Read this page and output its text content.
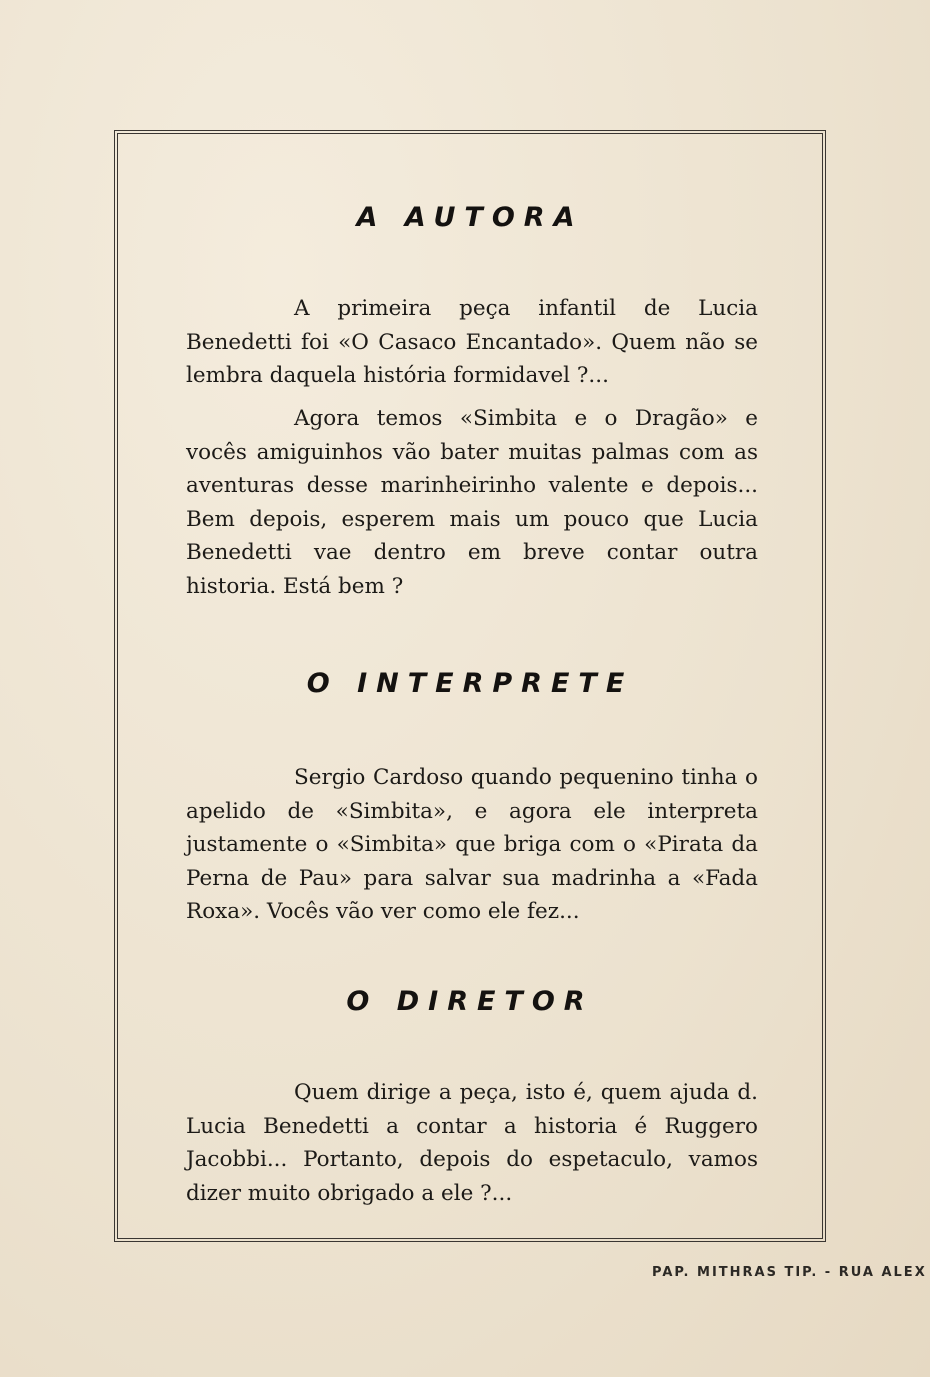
A AUTORA

A primeira peça infantil de Lucia Benedetti foi «O Casaco Encantado». Quem não se lembra daquela história formidavel ?...

Agora temos «Simbita e o Dragão» e vocês amiguinhos vão bater muitas palmas com as aventuras desse marinheirinho valente e depois... Bem depois, esperem mais um pouco que Lucia Benedetti vae dentro em breve contar outra historia. Está bem ?

O INTERPRETE

Sergio Cardoso quando pequenino tinha o apelido de «Simbita», e agora ele interpreta justamente o «Simbita» que briga com o «Pirata da Perna de Pau» para salvar sua madrinha a «Fada Roxa». Vocês vão ver como ele fez...

O DIRETOR

Quem dirige a peça, isto é, quem ajuda d. Lucia Benedetti a contar a historia é Ruggero Jacobbi... Portanto, depois do espetaculo, vamos dizer muito obrigado a ele ?...

PAP. MITHRAS TIP. - RUA ALEX
